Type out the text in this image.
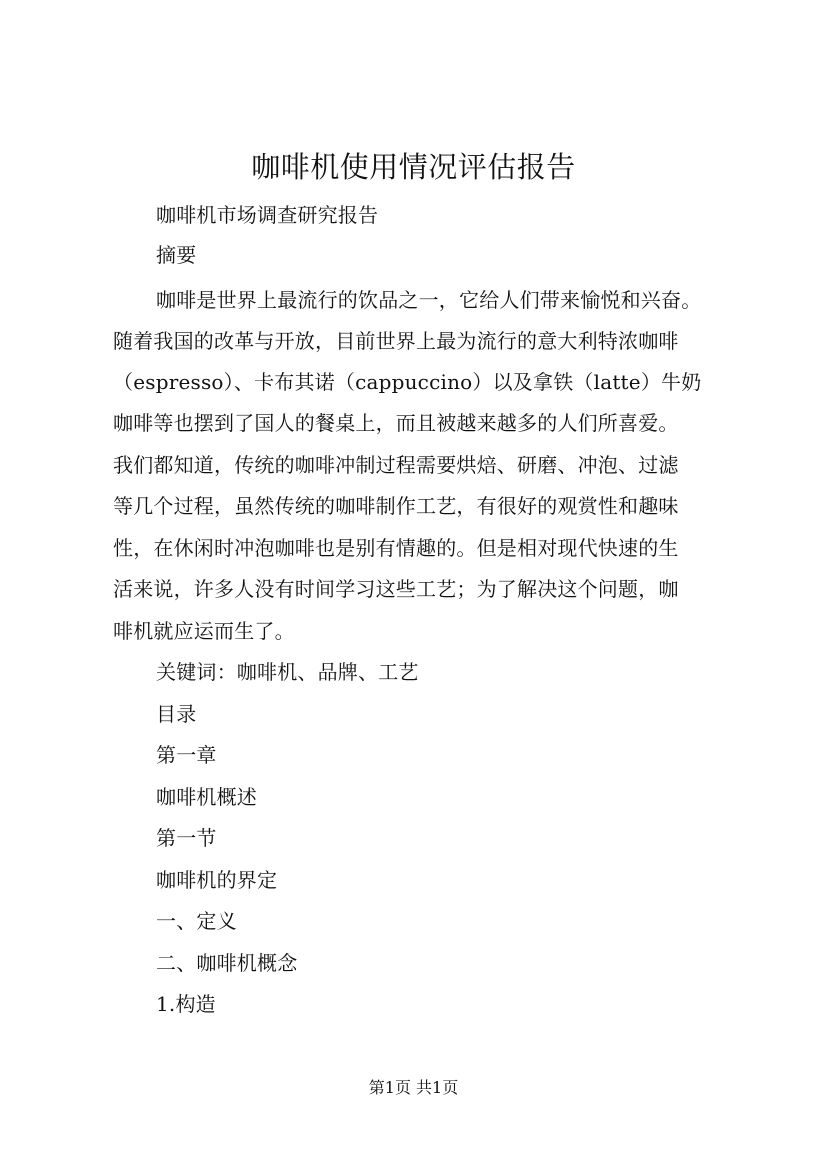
咖啡机使用情况评估报告
咖啡机市场调查研究报告
摘要
咖啡是世界上最流行的饮品之一，它给人们带来愉悦和兴奋。
随着我国的改革与开放，目前世界上最为流行的意大利特浓咖啡
（espresso）、卡布其诺（cappuccino）以及拿铁（latte）牛奶
咖啡等也摆到了国人的餐桌上，而且被越来越多的人们所喜爱。
我们都知道，传统的咖啡冲制过程需要烘焙、研磨、冲泡、过滤
等几个过程，虽然传统的咖啡制作工艺，有很好的观赏性和趣味
性，在休闲时冲泡咖啡也是别有情趣的。但是相对现代快速的生
活来说，许多人没有时间学习这些工艺；为了解决这个问题，咖
啡机就应运而生了。
关键词：咖啡机、品牌、工艺
目录
第一章
咖啡机概述
第一节
咖啡机的界定
一、定义
二、咖啡机概念
1.构造
第1页 共1页
